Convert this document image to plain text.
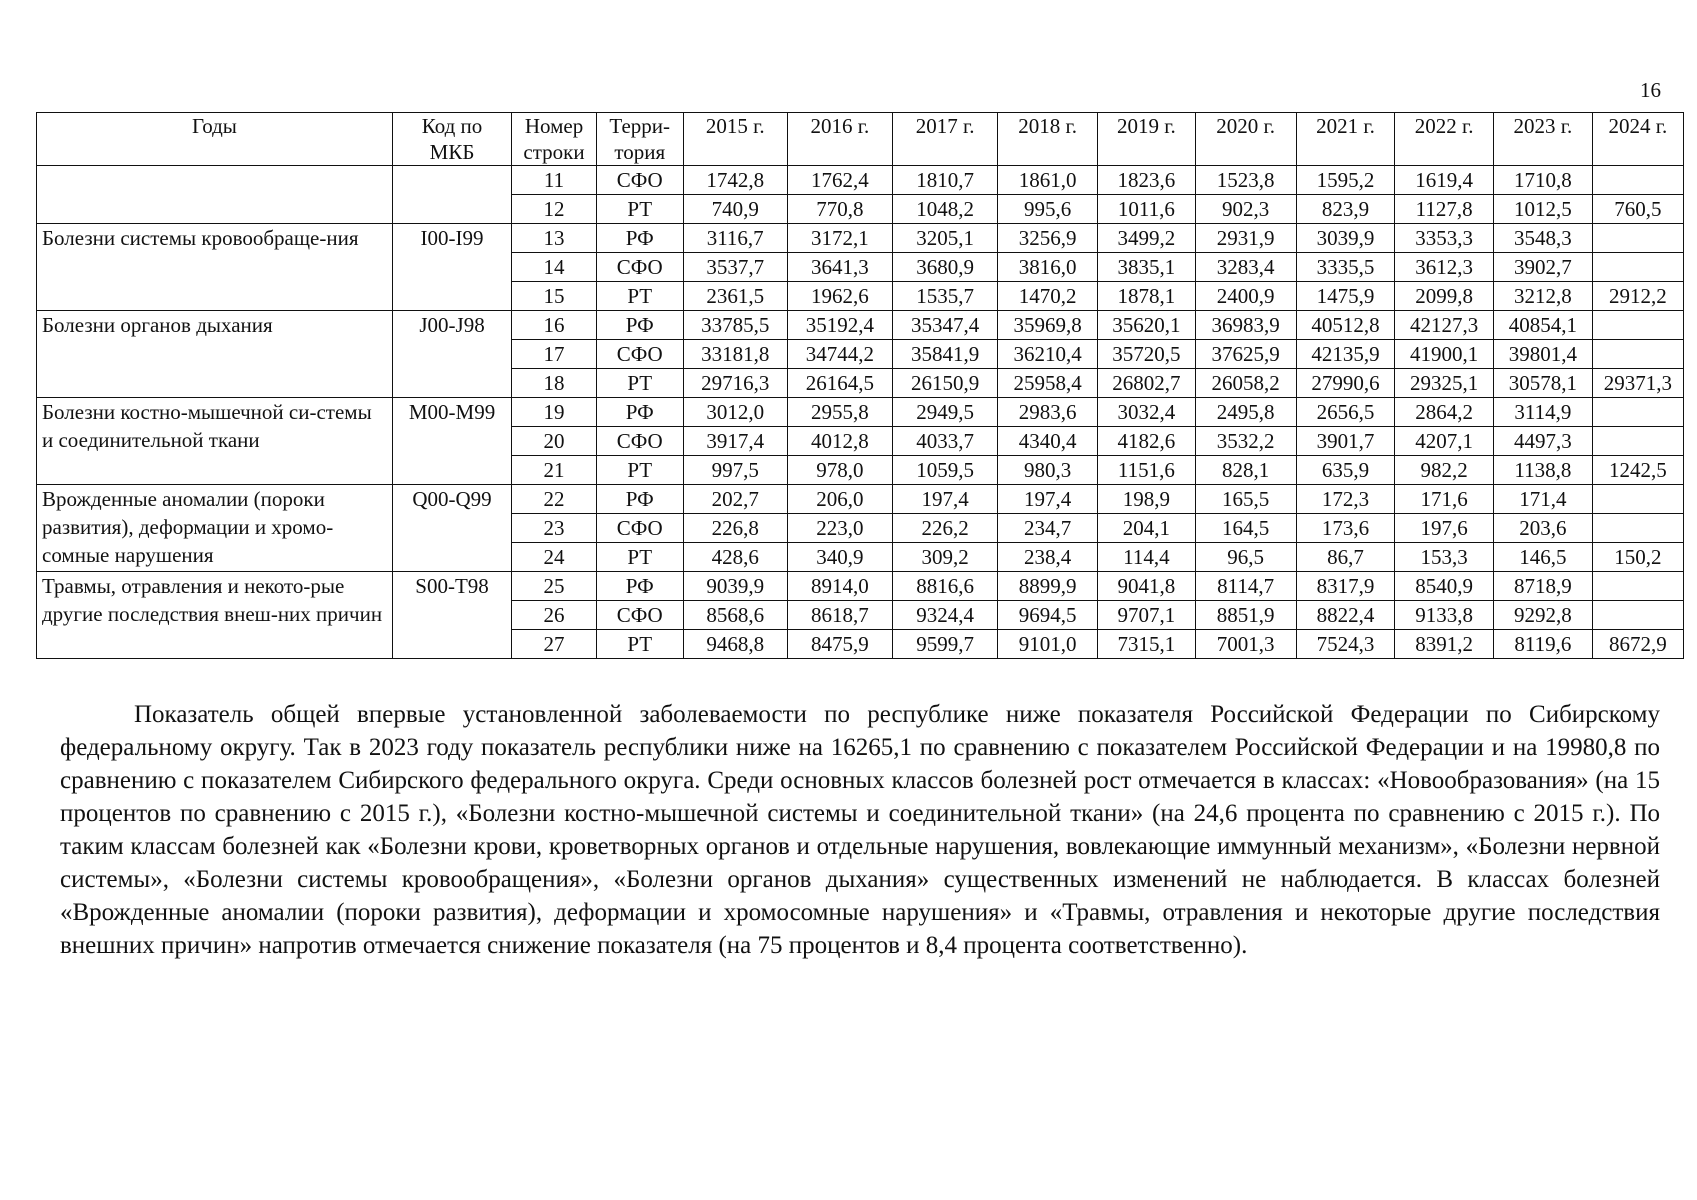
16
Годы	Код по МКБ	Номер строки	Терри-тория	2015 г.	2016 г.	2017 г.	2018 г.	2019 г.	2020 г.	2021 г.	2022 г.	2023 г.	2024 г.
		11	СФО	1742,8	1762,4	1810,7	1861,0	1823,6	1523,8	1595,2	1619,4	1710,8	
		12	РТ	740,9	770,8	1048,2	995,6	1011,6	902,3	823,9	1127,8	1012,5	760,5
Болезни системы кровообраще-ния	I00-I99	13	РФ	3116,7	3172,1	3205,1	3256,9	3499,2	2931,9	3039,9	3353,3	3548,3	
		14	СФО	3537,7	3641,3	3680,9	3816,0	3835,1	3283,4	3335,5	3612,3	3902,7	
		15	РТ	2361,5	1962,6	1535,7	1470,2	1878,1	2400,9	1475,9	2099,8	3212,8	2912,2
Болезни органов дыхания	J00-J98	16	РФ	33785,5	35192,4	35347,4	35969,8	35620,1	36983,9	40512,8	42127,3	40854,1	
		17	СФО	33181,8	34744,2	35841,9	36210,4	35720,5	37625,9	42135,9	41900,1	39801,4	
		18	РТ	29716,3	26164,5	26150,9	25958,4	26802,7	26058,2	27990,6	29325,1	30578,1	29371,3
Болезни костно-мышечной си-стемы и соединительной ткани	M00-M99	19	РФ	3012,0	2955,8	2949,5	2983,6	3032,4	2495,8	2656,5	2864,2	3114,9	
		20	СФО	3917,4	4012,8	4033,7	4340,4	4182,6	3532,2	3901,7	4207,1	4497,3	
		21	РТ	997,5	978,0	1059,5	980,3	1151,6	828,1	635,9	982,2	1138,8	1242,5
Врожденные аномалии (пороки развития), деформации и хромо-сомные нарушения	Q00-Q99	22	РФ	202,7	206,0	197,4	197,4	198,9	165,5	172,3	171,6	171,4	
		23	СФО	226,8	223,0	226,2	234,7	204,1	164,5	173,6	197,6	203,6	
		24	РТ	428,6	340,9	309,2	238,4	114,4	96,5	86,7	153,3	146,5	150,2
Травмы, отравления и некото-рые другие последствия внеш-них причин	S00-T98	25	РФ	9039,9	8914,0	8816,6	8899,9	9041,8	8114,7	8317,9	8540,9	8718,9	
		26	СФО	8568,6	8618,7	9324,4	9694,5	9707,1	8851,9	8822,4	9133,8	9292,8	
		27	РТ	9468,8	8475,9	9599,7	9101,0	7315,1	7001,3	7524,3	8391,2	8119,6	8672,9

Показатель общей впервые установленной заболеваемости по республике ниже показателя Российской Федерации по Сибирскому федеральному округу. Так в 2023 году показатель республики ниже на 16265,1 по сравнению с показателем Российской Федерации и на 19980,8 по сравнению с показателем Сибирского федерального округа. Среди основных классов болезней рост отмечается в классах: «Новообразования» (на 15 процентов по сравнению с 2015 г.), «Болезни костно-мышечной системы и соединительной ткани» (на 24,6 процента по сравнению с 2015 г.). По таким классам болезней как «Болезни крови, кроветворных органов и отдельные нарушения, вовлекающие иммунный механизм», «Болезни нервной системы», «Болезни системы кровообращения», «Болезни органов дыхания» существенных изменений не наблюдается. В классах болезней «Врожденные аномалии (пороки развития), деформации и хромосомные нарушения» и «Травмы, отравления и некоторые другие последствия внешних причин» напротив отмечается снижение показателя (на 75 процентов и 8,4 процента соответственно).
